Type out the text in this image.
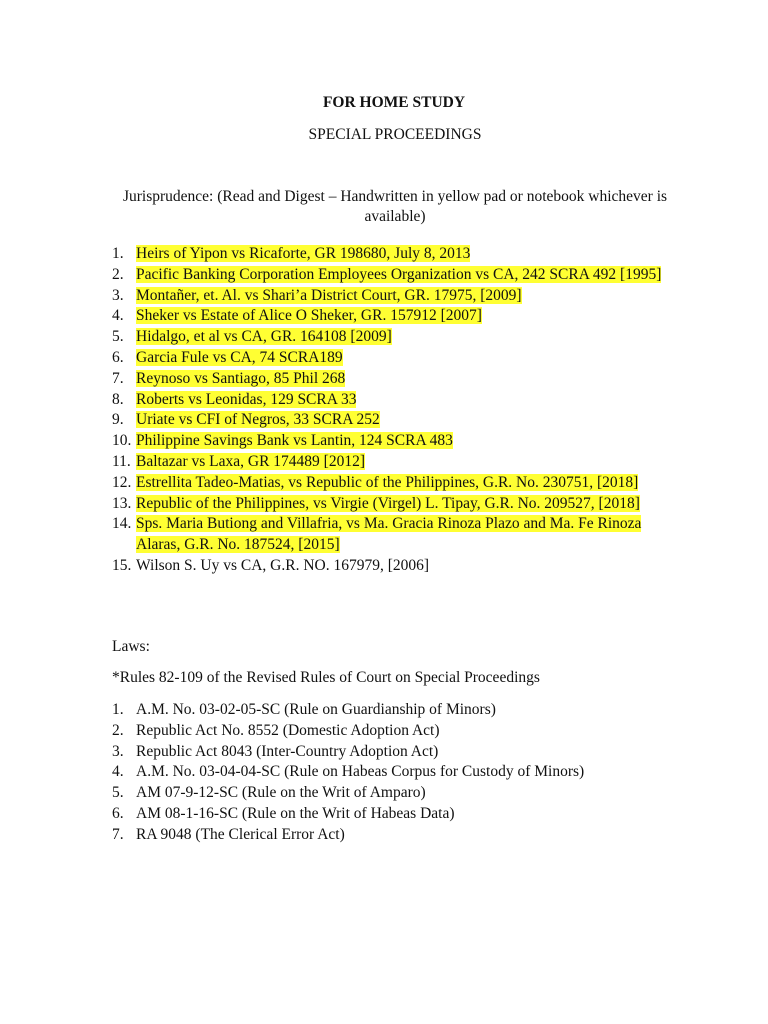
FOR HOME STUDY
SPECIAL PROCEEDINGS
Jurisprudence: (Read and Digest – Handwritten in yellow pad or notebook whichever is available)
1. Heirs of Yipon vs Ricaforte, GR 198680, July 8, 2013
2. Pacific Banking Corporation Employees Organization vs CA, 242 SCRA 492 [1995]
3. Montañer, et. Al. vs Shari’a District Court, GR. 17975, [2009]
4. Sheker vs Estate of Alice O Sheker, GR. 157912 [2007]
5. Hidalgo, et al vs CA, GR. 164108 [2009]
6. Garcia Fule vs CA, 74 SCRA189
7. Reynoso vs Santiago, 85 Phil 268
8. Roberts vs Leonidas, 129 SCRA 33
9. Uriate vs CFI of Negros, 33 SCRA 252
10. Philippine Savings Bank vs Lantin, 124 SCRA 483
11. Baltazar vs Laxa, GR 174489 [2012]
12. Estrellita Tadeo-Matias, vs Republic of the Philippines, G.R. No. 230751, [2018]
13. Republic of the Philippines, vs Virgie (Virgel) L. Tipay, G.R. No. 209527, [2018]
14. Sps. Maria Butiong and Villafria, vs Ma. Gracia Rinoza Plazo and Ma. Fe Rinoza Alaras, G.R. No. 187524, [2015]
15. Wilson S. Uy vs CA, G.R. NO. 167979, [2006]
Laws:
*Rules 82-109 of the Revised Rules of Court on Special Proceedings
1. A.M. No. 03-02-05-SC (Rule on Guardianship of Minors)
2. Republic Act No. 8552 (Domestic Adoption Act)
3. Republic Act 8043 (Inter-Country Adoption Act)
4. A.M. No. 03-04-04-SC (Rule on Habeas Corpus for Custody of Minors)
5. AM 07-9-12-SC (Rule on the Writ of Amparo)
6. AM 08-1-16-SC (Rule on the Writ of Habeas Data)
7. RA 9048 (The Clerical Error Act)
